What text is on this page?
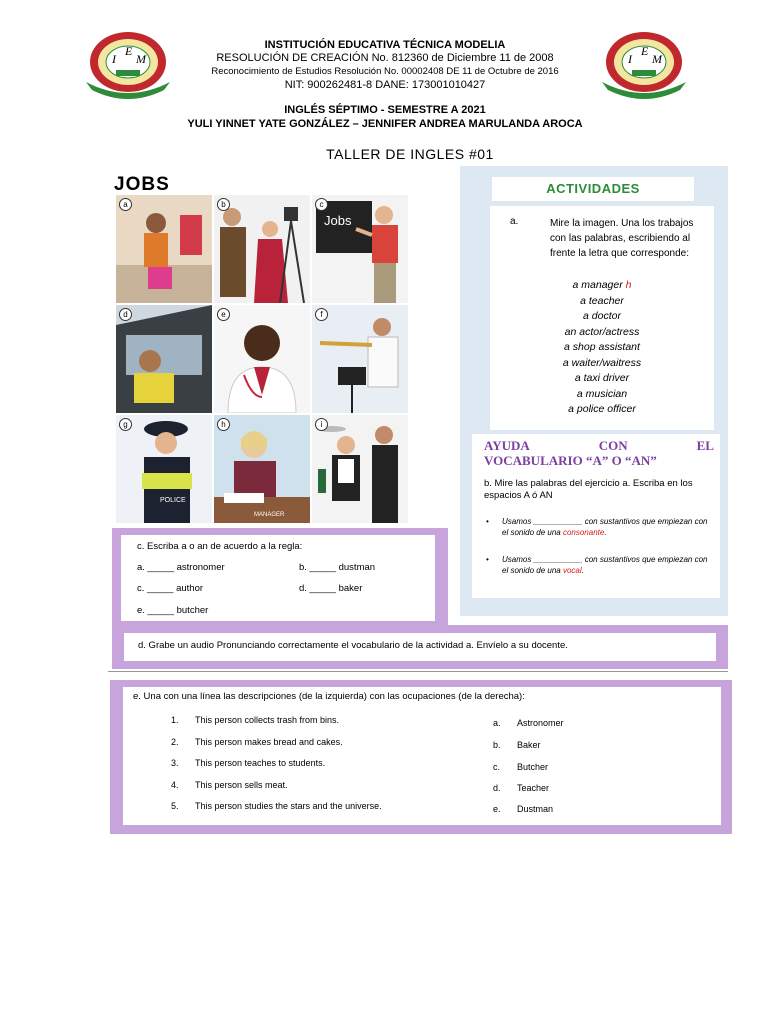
I
E
M	I
E
M
INSTITUCIÓN EDUCATIVA TÉCNICA MODELIA
RESOLUCIÓN DE CREACIÓN No. 812360 de Diciembre 11 de 2008
Reconocimiento de Estudios Resolución No. 00002408 DE 11 de Octubre de 2016
NIT: 900262481-8 DANE: 173001010427
INGLÉS SÉPTIMO - SEMESTRE A 2021
YULI YINNET YATE GONZÁLEZ – JENNIFER ANDREA MARULANDA AROCA
TALLER DE INGLES #01
JOBS
a	b
Jobs
c
d	e	f
POLICE
g
MANAGER
h	i
ACTIVIDADES
a.	Mire la imagen. Una los trabajos con las palabras, escribiendo al frente la letra que corresponde:
a manager h
a teacher
a doctor
an actor/actress
a shop assistant
a waiter/waitress
a taxi driver
a musician
a police officer
AYUDA	CON	EL
VOCABULARIO “A” O “AN”
b. Mire las palabras del ejercicio a. Escriba en los espacios A ó AN
• Usamos ___________ con sustantivos que empiezan con el sonido de una consonante.
• Usamos ___________ con sustantivos que empiezan con el sonido de una vocal.
c. Escriba a o an de acuerdo a la regla:
a. _____ astronomer	b. _____ dustman
c. _____ author	d. _____ baker
e. _____ butcher
d. Grabe un audio Pronunciando correctamente el vocabulario de la actividad a. Envíelo a su docente.
e. Una con una línea las descripciones (de la izquierda) con las ocupaciones (de la derecha):
1. This person collects trash from bins.
2. This person makes bread and cakes.
3. This person teaches to students.
4. This person sells meat.
5. This person studies the stars and the universe.
a. Astronomer
b. Baker
c. Butcher
d. Teacher
e. Dustman
